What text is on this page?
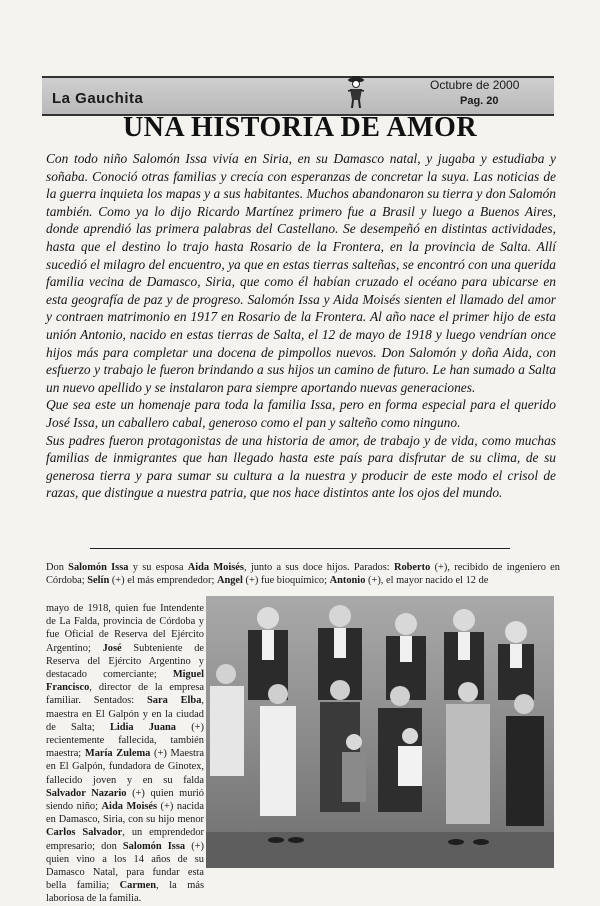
La Gauchita
Octubre de 2000
Pag. 20
UNA HISTORIA DE AMOR

Con todo niño Salomón Issa vivía en Siria, en su Damasco natal, y jugaba y estudiaba y soñaba. Conoció otras familias y crecía con esperanzas de concretar la suya. Las noticias de la guerra inquieta los mapas y a sus habitantes. Muchos abandonaron su tierra y don Salomón también. Como ya lo dijo Ricardo Martínez primero fue a Brasil y luego a Buenos Aires, donde aprendió las primera palabras del Castellano. Se desempeñó en distintas actividades, hasta que el destino lo trajo hasta Rosario de la Frontera, en la provincia de Salta. Allí sucedió el milagro del encuentro, ya que en estas tierras salteñas, se encontró con una querida familia vecina de Damasco, Siria, que como él habían cruzado el océano para ubicarse en esta geografía de paz y de progreso. Salomón Issa y Aida Moisés sienten el llamado del amor y contraen matrimonio en 1917 en Rosario de la Frontera. Al año nace el primer hijo de esta unión Antonio, nacido en estas tierras de Salta, el 12 de mayo de 1918 y luego vendrían once hijos más para completar una docena de pimpollos nuevos. Don Salomón y doña Aida, con esfuerzo y trabajo le fueron brindando a sus hijos un camino de futuro. Le han sumado a Salta un nuevo apellido y se instalaron para siempre aportando nuevas generaciones.

Que sea este un homenaje para toda la familia Issa, pero en forma especial para el querido José Issa, un caballero cabal, generoso como el pan y salteño como ninguno.

Sus padres fueron protagonistas de una historia de amor, de trabajo y de vida, como muchas familias de inmigrantes que han llegado hasta este país para disfrutar de su clima, de su generosa tierra y para sumar su cultura a la nuestra y producir de este modo el crisol de razas, que distingue a nuestra patria, que nos hace distintos ante los ojos del mundo.

Don Salomón Issa y su esposa Aida Moisés, junto a sus doce hijos. Parados: Roberto (+), recibido de ingeniero en Córdoba; Selín (+) el más emprendedor; Angel (+) fue bioquímico; Antonio (+), el mayor nacido el 12 de
mayo de 1918, quien fue Intendente de La Falda, provincia de Córdoba y fue Oficial de Reserva del Ejército Argentino; José Subteniente de Reserva del Ejército Argentino y destacado comerciante; Miguel Francisco, director de la empresa familiar. Sentados: Sara Elba, maestra en El Galpón y en la ciudad de Salta; Lidia Juana (+) recientemente fallecida, también maestra; María Zulema (+) Maestra en El Galpón, fundadora de Ginotex, fallecido joven y en su falda Salvador Nazario (+) quien murió siendo niño; Aida Moisés (+) nacida en Damasco, Siria, con su hijo menor Carlos Salvador, un emprendedor empresario; don Salomón Issa (+) quien vino a los 14 años de su Damasco Natal, para fundar esta bella familia; Carmen, la más laboriosa de la familia.
